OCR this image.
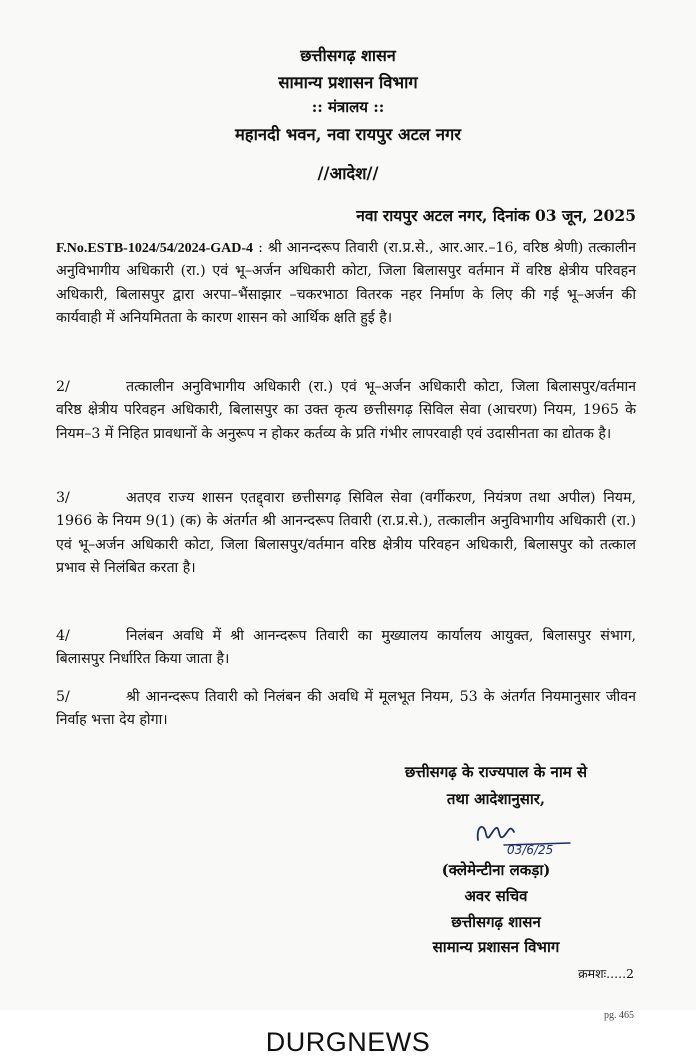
छत्तीसगढ़ शासन
सामान्य प्रशासन विभाग
:: मंत्रालय ::
महानदी भवन, नवा रायपुर अटल नगर
//आदेश//
नवा रायपुर अटल नगर, दिनांक 03 जून, 2025
F.No.ESTB-1024/54/2024-GAD-4 : श्री आनन्दरूप तिवारी (रा.प्र.से., आर.आर.–16, वरिष्ठ श्रेणी) तत्कालीन अनुविभागीय अधिकारी (रा.) एवं भू–अर्जन अधिकारी कोटा, जिला बिलासपुर वर्तमान में वरिष्ठ क्षेत्रीय परिवहन अधिकारी, बिलासपुर द्वारा अरपा–भैंसाझार –चकरभाठा वितरक नहर निर्माण के लिए की गई भू–अर्जन की कार्यवाही में अनियमितता के कारण शासन को आर्थिक क्षति हुई है।
2/	तत्कालीन अनुविभागीय अधिकारी (रा.) एवं भू–अर्जन अधिकारी कोटा, जिला बिलासपुर/वर्तमान वरिष्ठ क्षेत्रीय परिवहन अधिकारी, बिलासपुर का उक्त कृत्य छत्तीसगढ़ सिविल सेवा (आचरण) नियम, 1965 के नियम–3 में निहित प्रावधानों के अनुरूप न होकर कर्तव्य के प्रति गंभीर लापरवाही एवं उदासीनता का द्योतक है।
3/	अतएव राज्य शासन एतद्द्वारा छत्तीसगढ़ सिविल सेवा (वर्गीकरण, नियंत्रण तथा अपील) नियम, 1966 के नियम 9(1) (क) के अंतर्गत श्री आनन्दरूप तिवारी (रा.प्र.से.), तत्कालीन अनुविभागीय अधिकारी (रा.) एवं भू–अर्जन अधिकारी कोटा, जिला बिलासपुर/वर्तमान वरिष्ठ क्षेत्रीय परिवहन अधिकारी, बिलासपुर को तत्काल प्रभाव से निलंबित करता है।
4/	निलंबन अवधि में श्री आनन्दरूप तिवारी का मुख्यालय कार्यालय आयुक्त, बिलासपुर संभाग, बिलासपुर निर्धारित किया जाता है।
5/	श्री आनन्दरूप तिवारी को निलंबन की अवधि में मूलभूत नियम, 53 के अंतर्गत नियमानुसार जीवन निर्वाह भत्ता देय होगा।
छत्तीसगढ़ के राज्यपाल के नाम से
तथा आदेशानुसार,
03/6/25
(क्लेमेन्टीना लकड़ा)
अवर सचिव
छत्तीसगढ़ शासन
सामान्य प्रशासन विभाग
क्रमशः.....2
pg. 465
DURGNEWS
